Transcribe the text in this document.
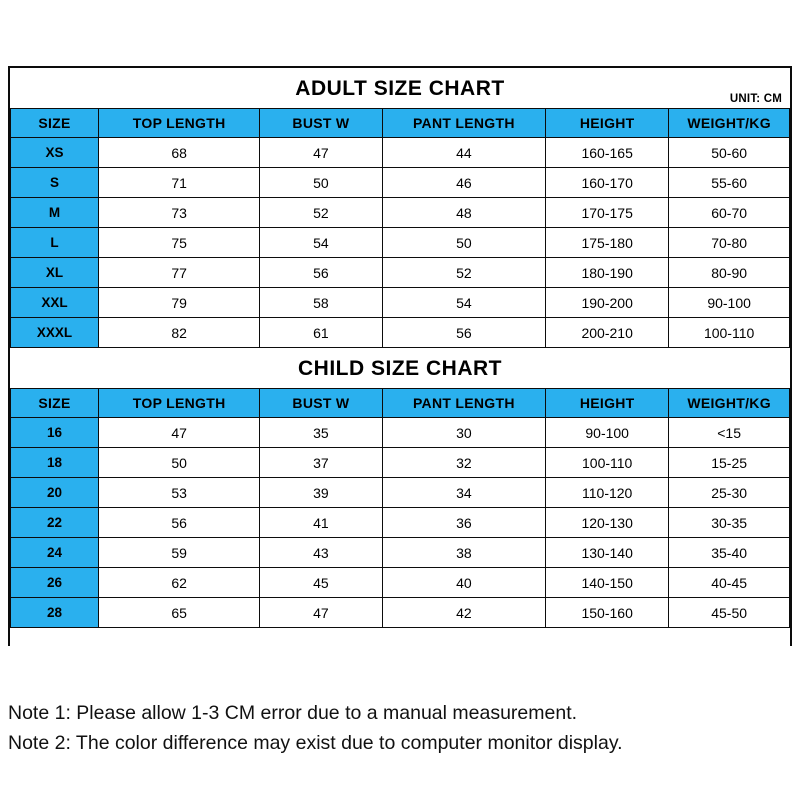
ADULT SIZE CHART	UNIT: CM
SIZE	TOP LENGTH	BUST W	PANT LENGTH	HEIGHT	WEIGHT/KG
XS	68	47	44	160-165	50-60
S	71	50	46	160-170	55-60
M	73	52	48	170-175	60-70
L	75	54	50	175-180	70-80
XL	77	56	52	180-190	80-90
XXL	79	58	54	190-200	90-100
XXXL	82	61	56	200-210	100-110
CHILD SIZE CHART
SIZE	TOP LENGTH	BUST W	PANT LENGTH	HEIGHT	WEIGHT/KG
16	47	35	30	90-100	<15
18	50	37	32	100-110	15-25
20	53	39	34	110-120	25-30
22	56	41	36	120-130	30-35
24	59	43	38	130-140	35-40
26	62	45	40	140-150	40-45
28	65	47	42	150-160	45-50
Note 1: Please allow 1-3 CM error due to a manual measurement.
Note 2: The color difference may exist due to computer monitor display.
